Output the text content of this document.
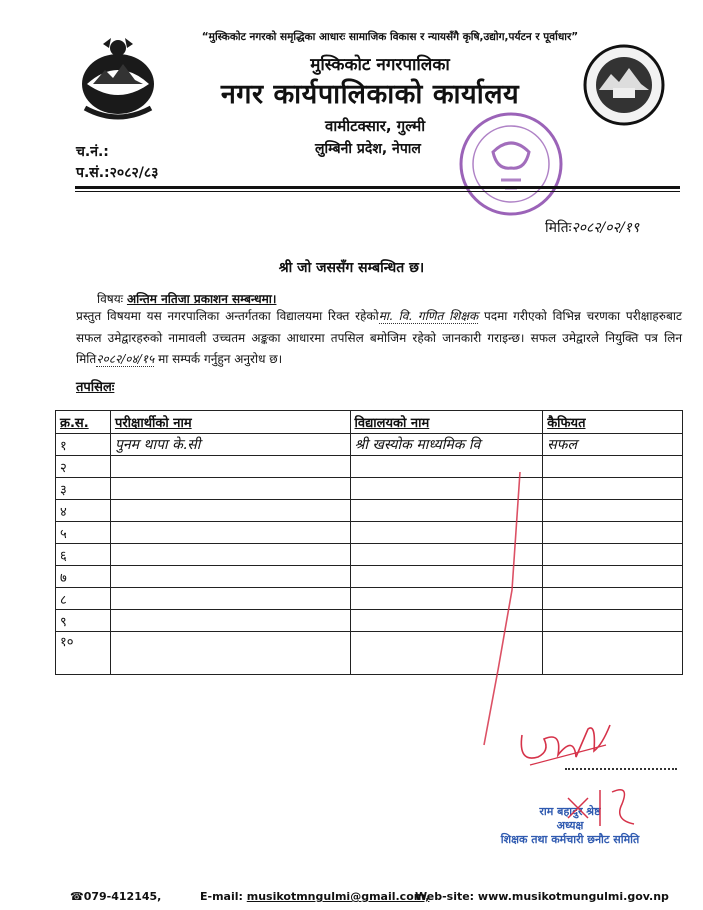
“मुस्किकोट नगरको समृद्धिका आधारः सामाजिक विकास र न्यायसँगै कृषि,उद्योग,पर्यटन र पूर्वाधार”
मुस्किकोट नगरपालिका
नगर कार्यपालिकाको कार्यालय
वामीटक्सार, गुल्मी
लुम्बिनी प्रदेश, नेपाल
च.नं.:
प.सं.:२०८२/८३
मितिः२०८२/०२/१९
श्री जो जससँग सम्बन्धित छ।
विषयः अन्तिम नतिजा प्रकाशन सम्बन्धमा।
प्रस्तुत विषयमा यस नगरपालिका अन्तर्गतका विद्यालयमा रिक्त रहेकोमा. वि. गणित शिक्षक पदमा गरीएको विभिन्न चरणका परीक्षाहरुबाट सफल उमेद्वारहरुको नामावली उच्चतम अङ्कका आधारमा तपसिल बमोजिम रहेको जानकारी गराइन्छ। सफल उमेद्वारले नियुक्ति पत्र लिन मिति२०८२/०४/१५ मा सम्पर्क गर्नुहुन अनुरोध छ।
तपसिलः
क्र.स.	परीक्षार्थीको नाम	विद्यालयको नाम	कैफियत
१	पुनम थापा के.सी	श्री खस्योक माध्यमिक वि	सफल
२			
३			
४			
५			
६			
७			
८			
९			
१०			
राम बहादुर श्रेष्ठ
अध्यक्ष
शिक्षक तथा कर्मचारी छनौट समिति
☎079-412145,	E-mail: musikotmngulmi@gmail.com,
Web-site: www.musikotmungulmi.gov.np
